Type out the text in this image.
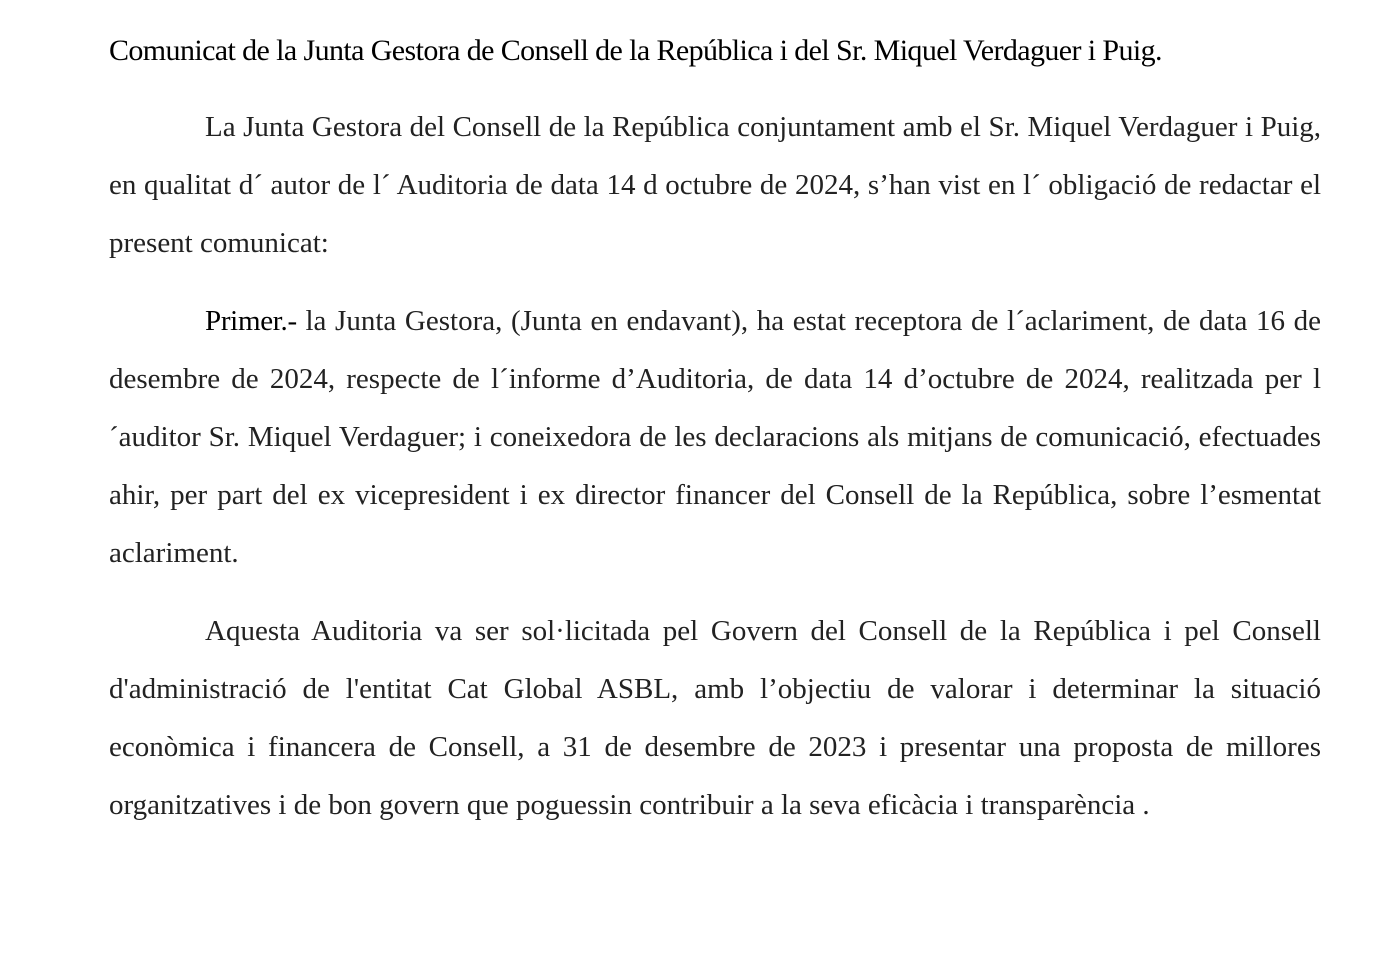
Comunicat de la Junta Gestora de Consell de la República i del Sr. Miquel Verdaguer i Puig.

La Junta Gestora del Consell de la República conjuntament amb el Sr. Miquel Verdaguer i Puig, en qualitat d´ autor de l´ Auditoria de data 14 d octubre de 2024, s’han vist en l´ obligació de redactar el present comunicat:

Primer.- la Junta Gestora, (Junta en endavant), ha estat receptora de l´aclariment, de data 16 de desembre de 2024, respecte de l´informe d’Auditoria, de data 14 d’octubre de 2024, realitzada per l´auditor Sr. Miquel Verdaguer; i coneixedora de les declaracions als mitjans de comunicació, efectuades ahir, per part del ex vicepresident i ex director financer del Consell de la República, sobre l’esmentat aclariment.

Aquesta Auditoria va ser sol·licitada pel Govern del Consell de la República i pel Consell d'administració de l'entitat Cat Global ASBL, amb l’objectiu de valorar i determinar la situació econòmica i financera de Consell, a 31 de desembre de 2023 i presentar una proposta de millores organitzatives i de bon govern que poguessin contribuir a la seva eficàcia i transparència .
